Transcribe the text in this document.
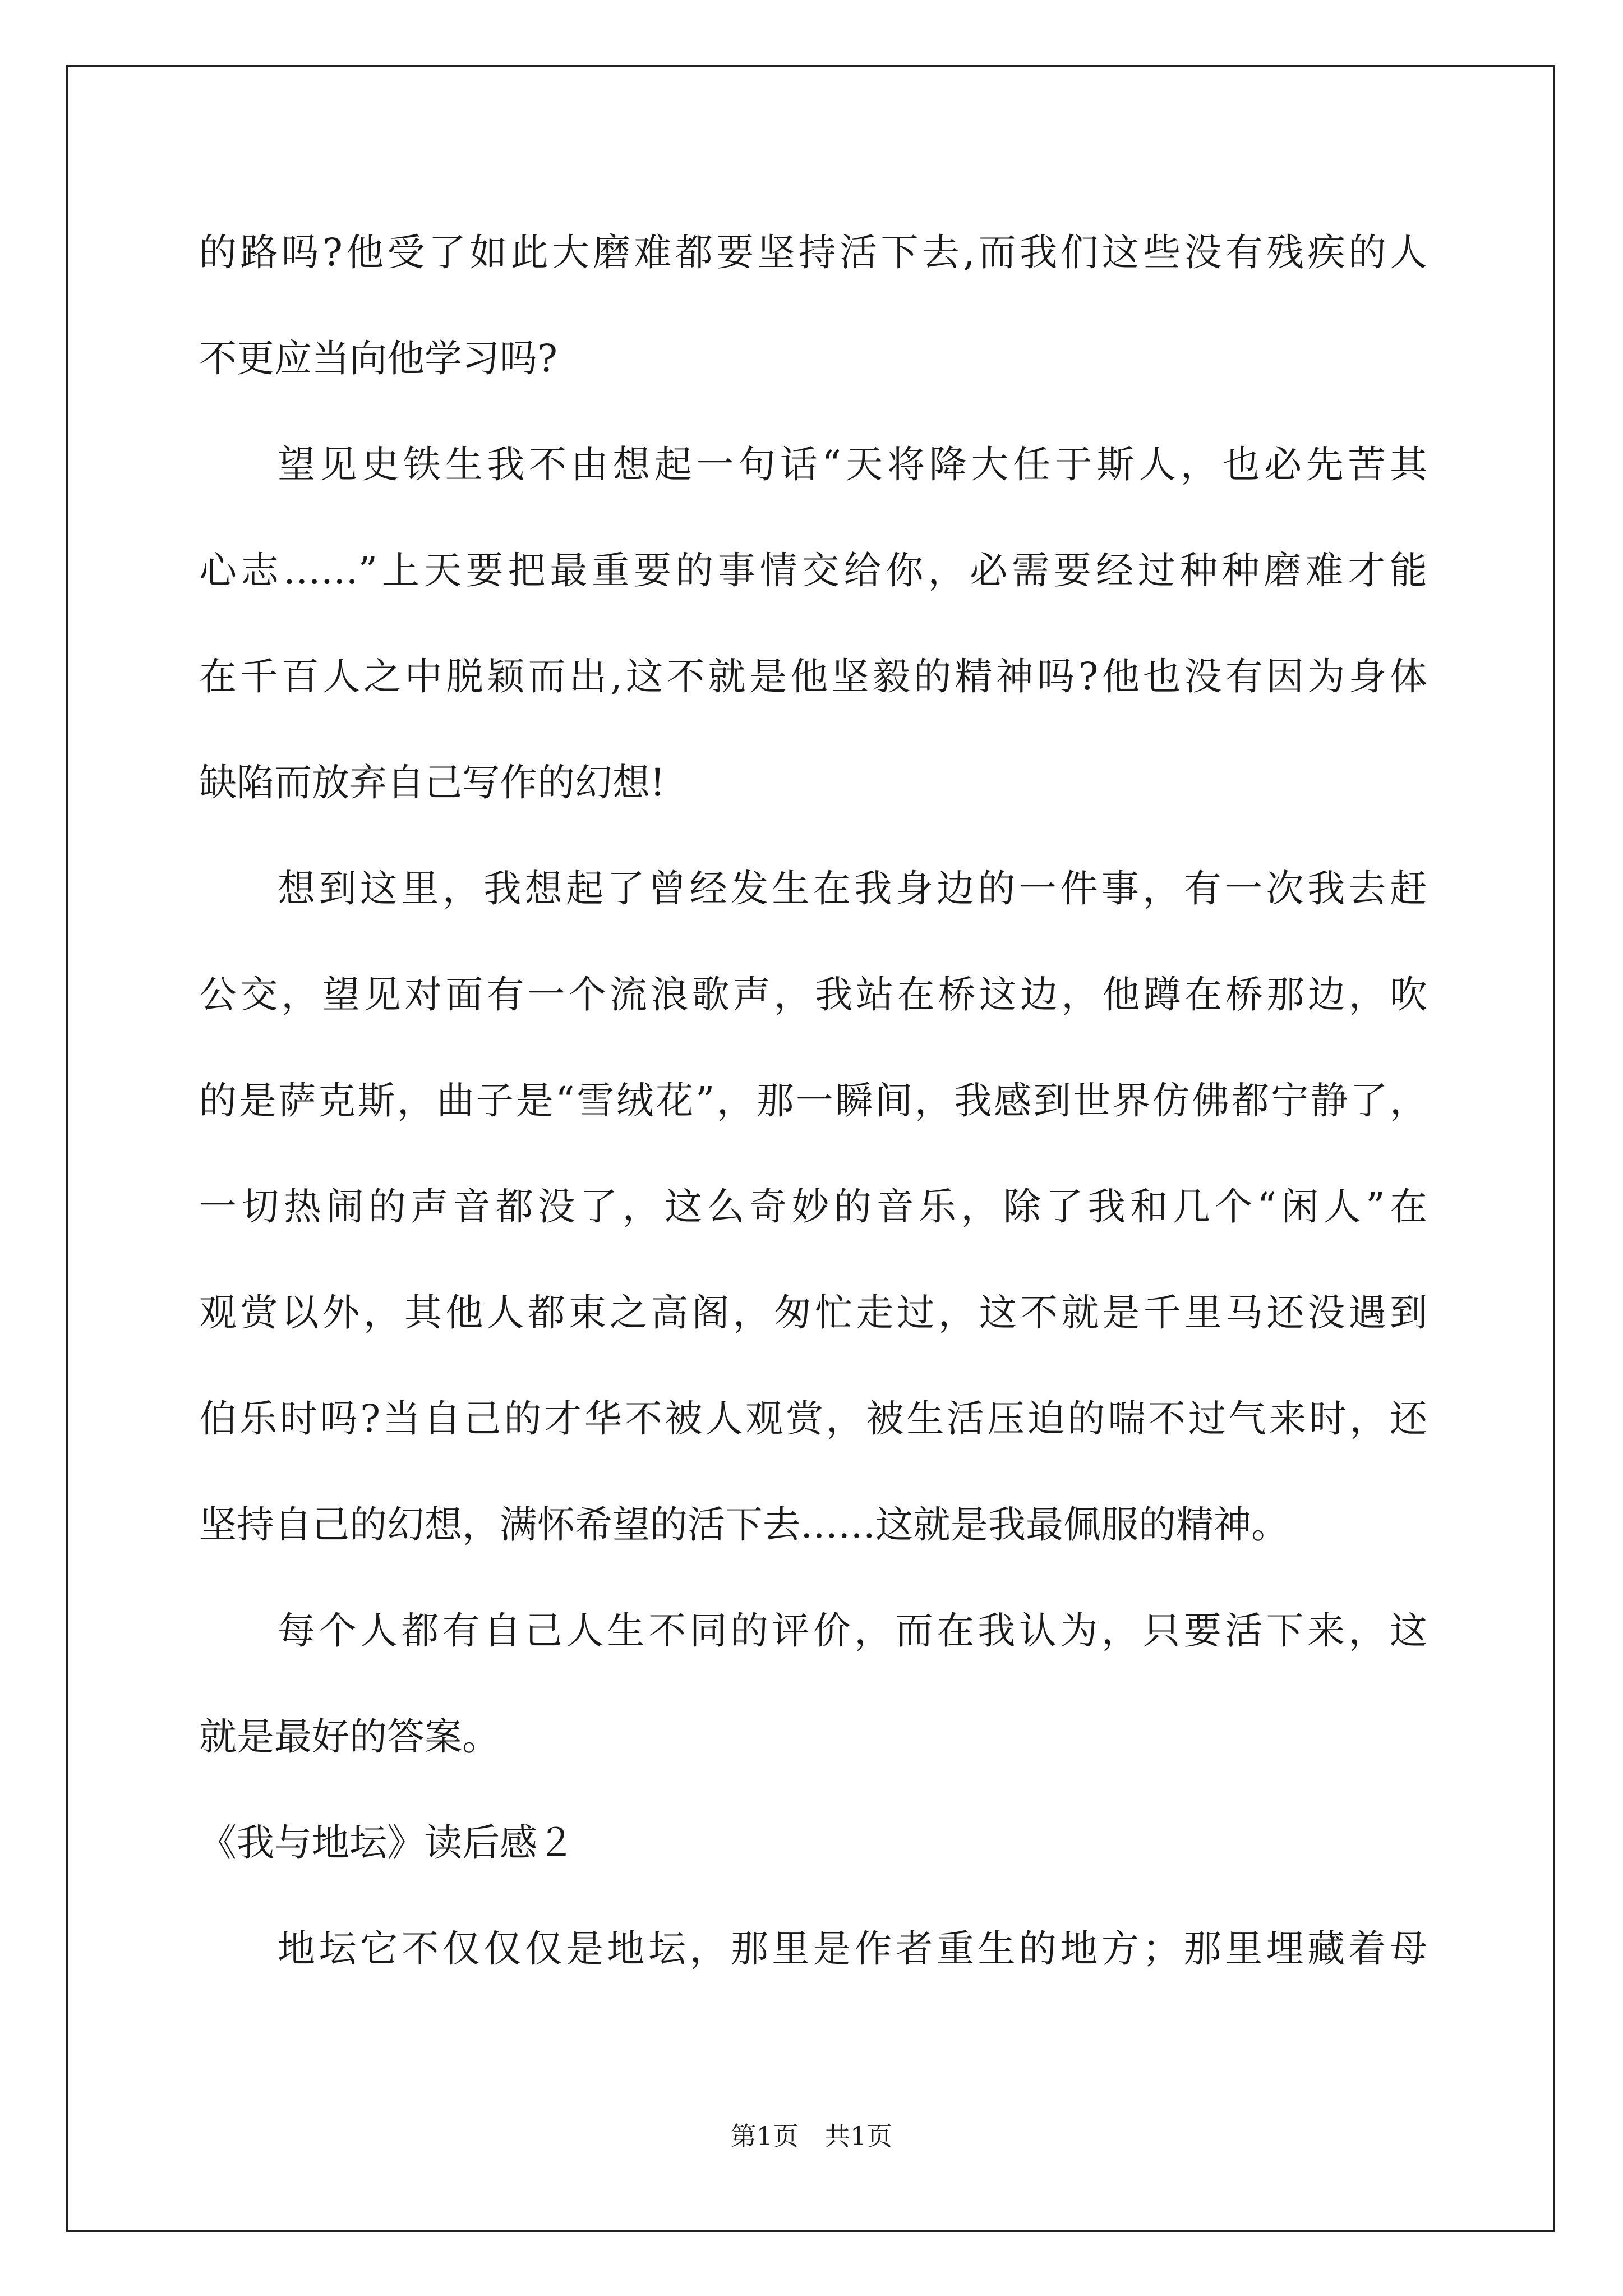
的路吗?他受了如此大磨难都要坚持活下去,而我们这些没有残疾的人
不更应当向他学习吗?
望见史铁生我不由想起一句话“天将降大任于斯人，也必先苦其
心志……”上天要把最重要的事情交给你，必需要经过种种磨难才能
在千百人之中脱颖而出,这不就是他坚毅的精神吗?他也没有因为身体
缺陷而放弃自己写作的幻想!
想到这里，我想起了曾经发生在我身边的一件事，有一次我去赶
公交，望见对面有一个流浪歌声，我站在桥这边，他蹲在桥那边，吹
的是萨克斯，曲子是“雪绒花”，那一瞬间，我感到世界仿佛都宁静了，
一切热闹的声音都没了，这么奇妙的音乐，除了我和几个“闲人”在
观赏以外，其他人都束之高阁，匆忙走过，这不就是千里马还没遇到
伯乐时吗?当自己的才华不被人观赏，被生活压迫的喘不过气来时，还
坚持自己的幻想，满怀希望的活下去……这就是我最佩服的精神。
每个人都有自己人生不同的评价，而在我认为，只要活下来，这
就是最好的答案。
《我与地坛》读后感２
地坛它不仅仅仅是地坛，那里是作者重生的地方；那里埋藏着母
第1页　共1页
